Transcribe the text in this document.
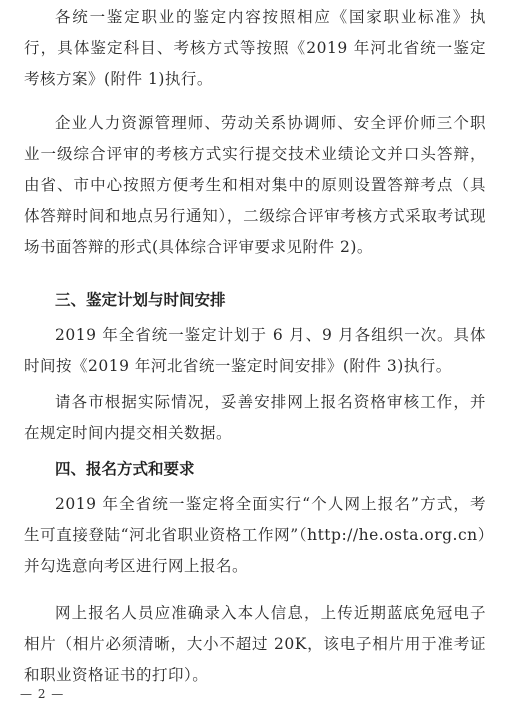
各统一鉴定职业的鉴定内容按照相应《国家职业标准》执行，具体鉴定科目、考核方式等按照《2019 年河北省统一鉴定考核方案》(附件 1)执行。

企业人力资源管理师、劳动关系协调师、安全评价师三个职业一级综合评审的考核方式实行提交技术业绩论文并口头答辩，由省、市中心按照方便考生和相对集中的原则设置答辩考点（具体答辩时间和地点另行通知），二级综合评审考核方式采取考试现场书面答辩的形式(具体综合评审要求见附件 2)。

三、鉴定计划与时间安排

2019 年全省统一鉴定计划于 6 月、9 月各组织一次。具体时间按《2019 年河北省统一鉴定时间安排》(附件 3)执行。

请各市根据实际情况，妥善安排网上报名资格审核工作，并在规定时间内提交相关数据。

四、报名方式和要求

2019 年全省统一鉴定将全面实行“个人网上报名”方式，考生可直接登陆“河北省职业资格工作网”（http://he.osta.org.cn）并勾选意向考区进行网上报名。

网上报名人员应准确录入本人信息，上传近期蓝底免冠电子相片（相片必须清晰，大小不超过 20K，该电子相片用于准考证和职业资格证书的打印）。

— 2 —
